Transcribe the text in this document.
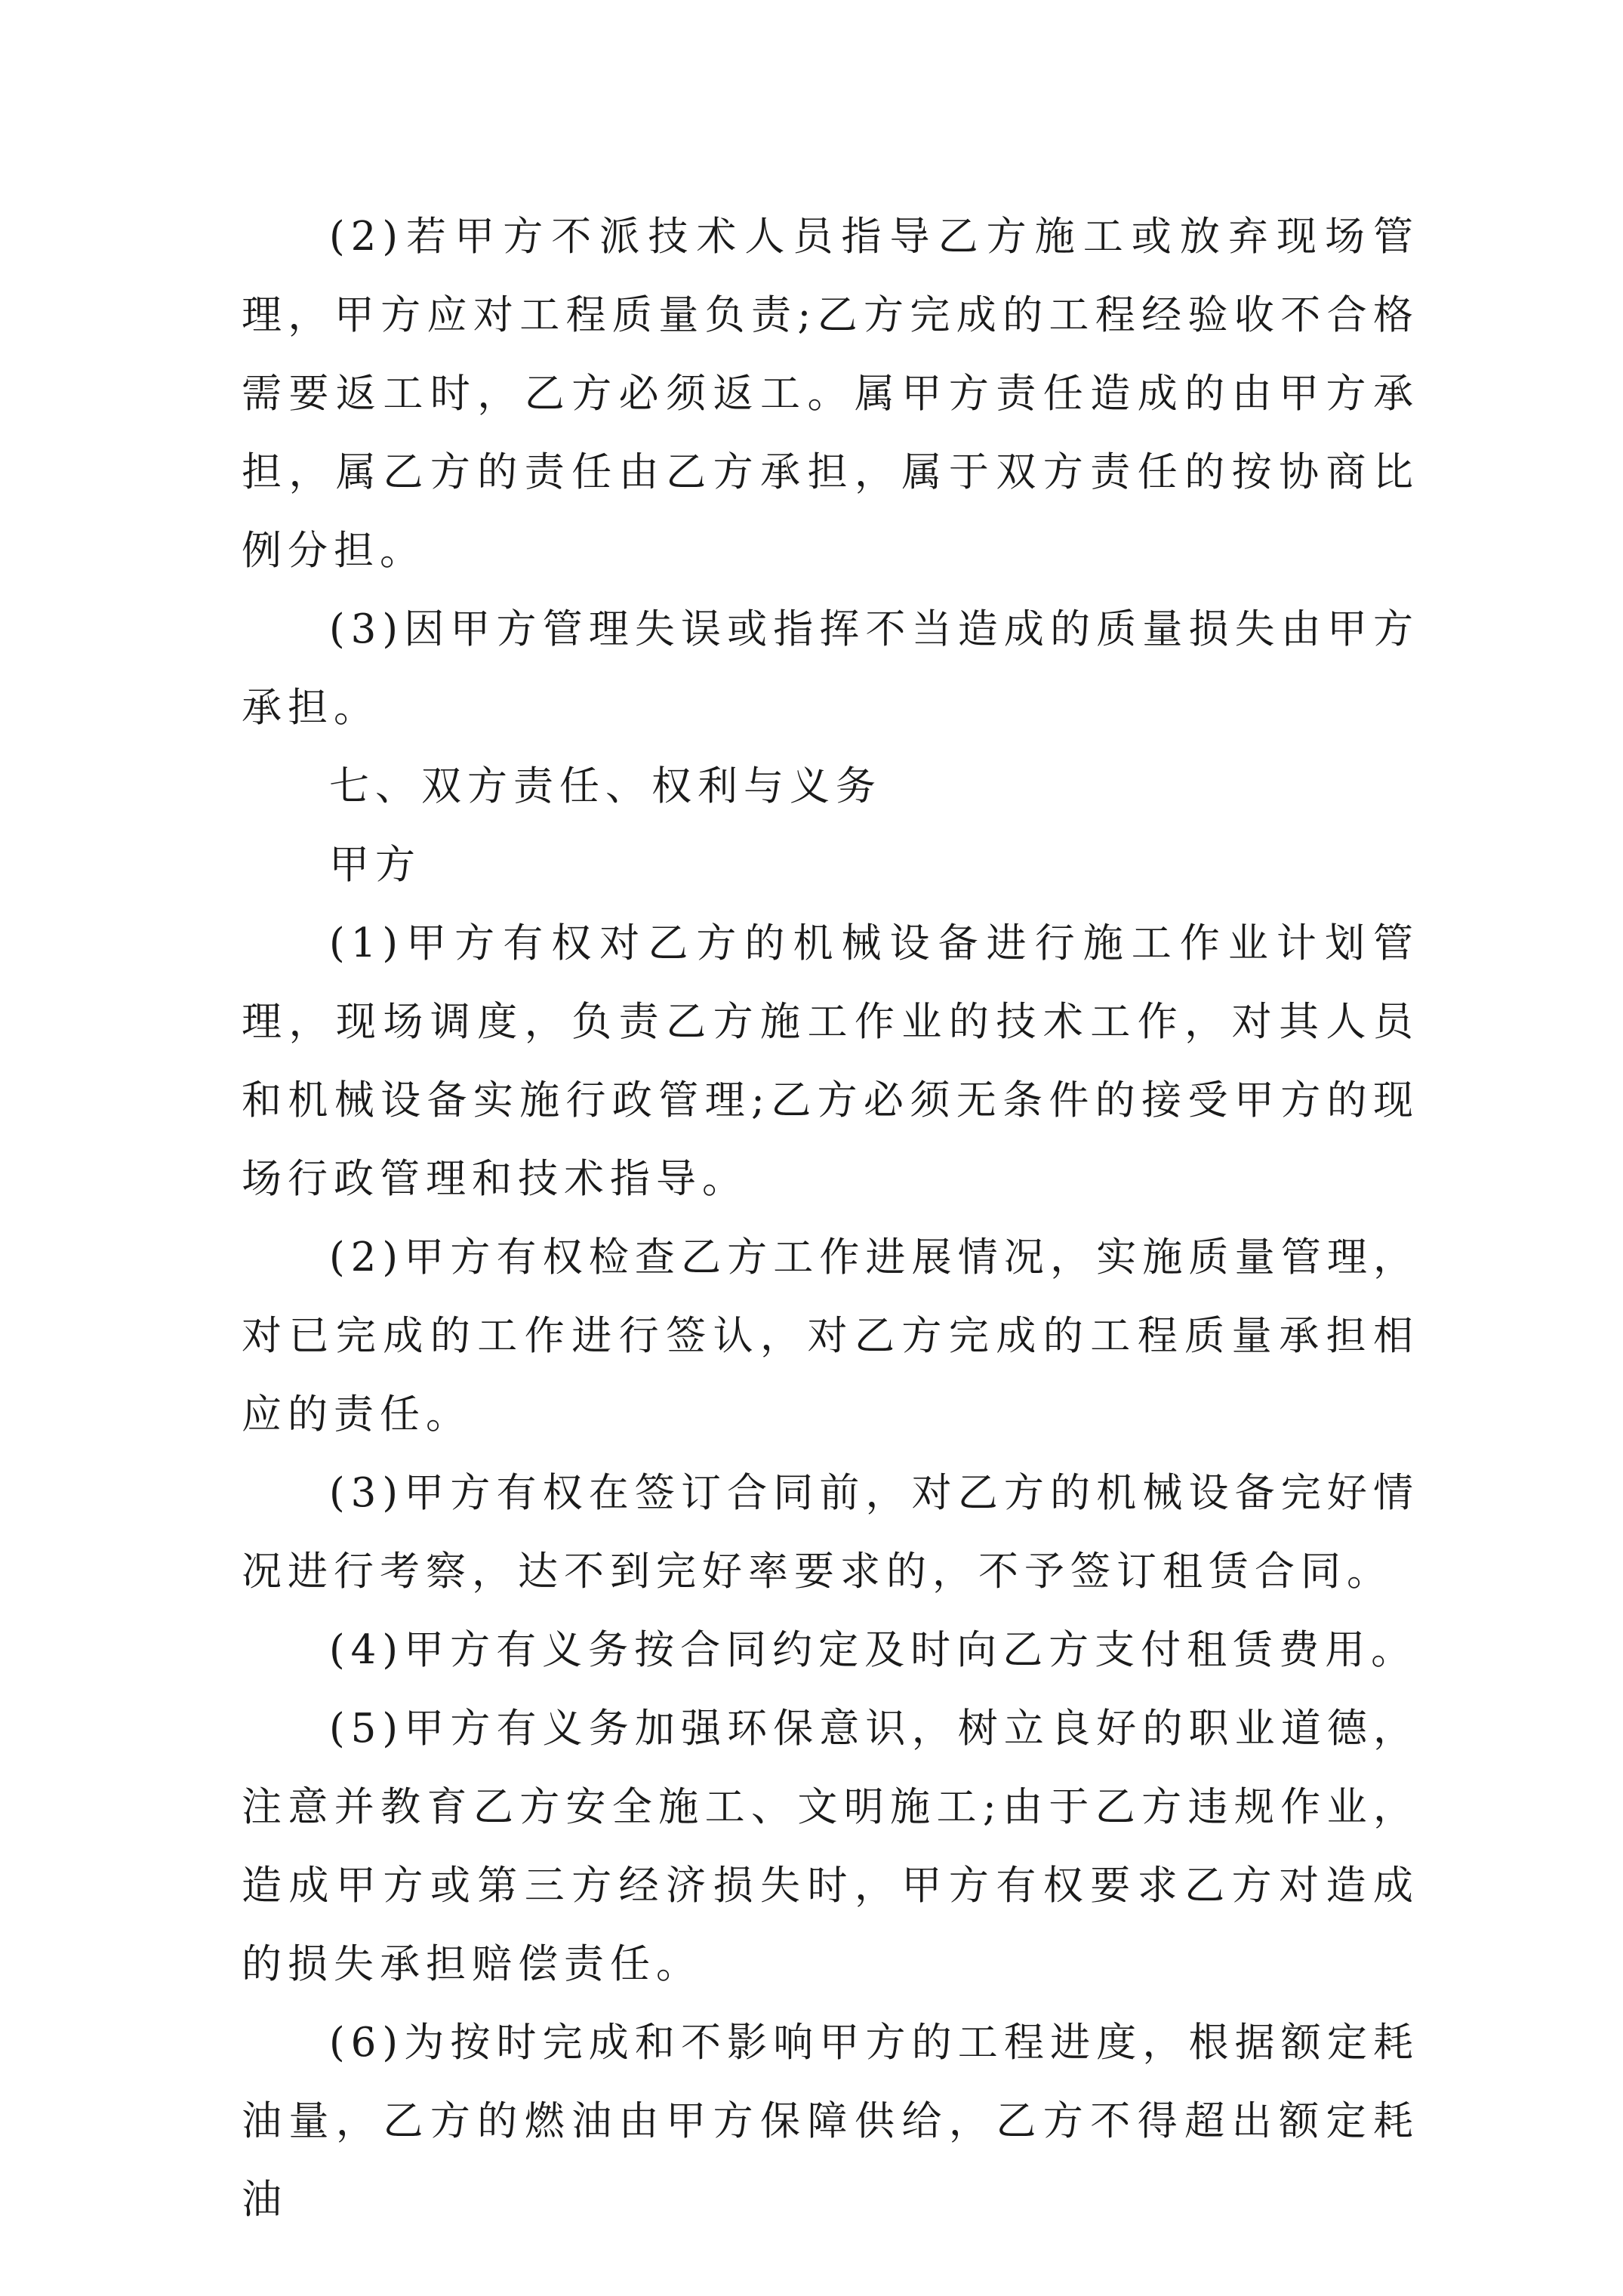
(2)若甲方不派技术人员指导乙方施工或放弃现场管理，甲方应对工程质量负责;乙方完成的工程经验收不合格需要返工时，乙方必须返工。属甲方责任造成的由甲方承担，属乙方的责任由乙方承担，属于双方责任的按协商比例分担。

(3)因甲方管理失误或指挥不当造成的质量损失由甲方承担。

七、双方责任、权利与义务

甲方

(1)甲方有权对乙方的机械设备进行施工作业计划管理，现场调度，负责乙方施工作业的技术工作，对其人员和机械设备实施行政管理;乙方必须无条件的接受甲方的现场行政管理和技术指导。

(2)甲方有权检查乙方工作进展情况，实施质量管理，对已完成的工作进行签认，对乙方完成的工程质量承担相应的责任。

(3)甲方有权在签订合同前，对乙方的机械设备完好情况进行考察，达不到完好率要求的，不予签订租赁合同。

(4)甲方有义务按合同约定及时向乙方支付租赁费用。

(5)甲方有义务加强环保意识，树立良好的职业道德，注意并教育乙方安全施工、文明施工;由于乙方违规作业，造成甲方或第三方经济损失时，甲方有权要求乙方对造成的损失承担赔偿责任。

(6)为按时完成和不影响甲方的工程进度，根据额定耗油量，乙方的燃油由甲方保障供给，乙方不得超出额定耗油
